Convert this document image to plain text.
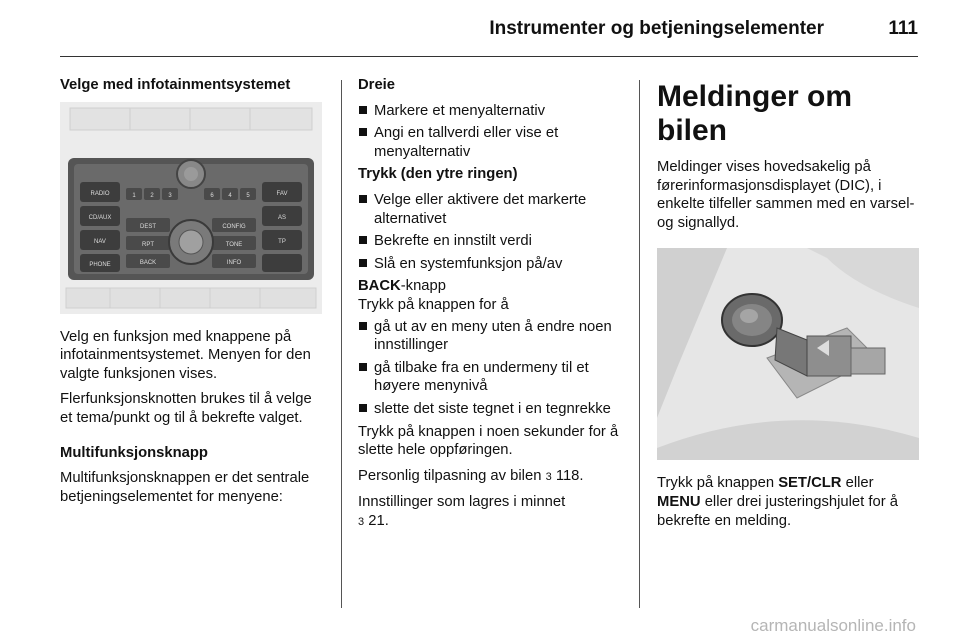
Instrumenter og betjeningselementer	111

Velge med infotainmentsystemet

RADIO
CD/AUX
NAV
PHONE
FAV
AS
TP
1 2 3	4 5
6
DEST	CONFIG
RPT	TONE
BACK	INFO

Velg en funksjon med knappene på infotainmentsystemet. Menyen for den valgte funksjonen vises.

Flerfunksjonsknotten brukes til å velge et tema/punkt og til å bekrefte valget.

Multifunksjonsknapp

Multifunksjonsknappen er det sentrale betjeningselementet for menyene:

Dreie

Markere et menyalternativ
Angi en tallverdi eller vise et menyalternativ

Trykk (den ytre ringen)

Velge eller aktivere det markerte alternativet
Bekrefte en innstilt verdi
Slå en systemfunksjon på/av

BACK-knapp

Trykk på knappen for å

gå ut av en meny uten å endre noen innstillinger
gå tilbake fra en undermeny til et høyere menynivå
slette det siste tegnet i en tegnrekke

Trykk på knappen i noen sekunder for å slette hele oppføringen.

Personlig tilpasning av bilen 3 118.

Innstillinger som lagres i minnet
3 21.

Meldinger om bilen

Meldinger vises hovedsakelig på førerinformasjonsdisplayet (DIC), i enkelte tilfeller sammen med en varsel- og signallyd.

Trykk på knappen SET/CLR eller MENU eller drei justeringshjulet for å bekrefte en melding.

carmanualsonline.info
